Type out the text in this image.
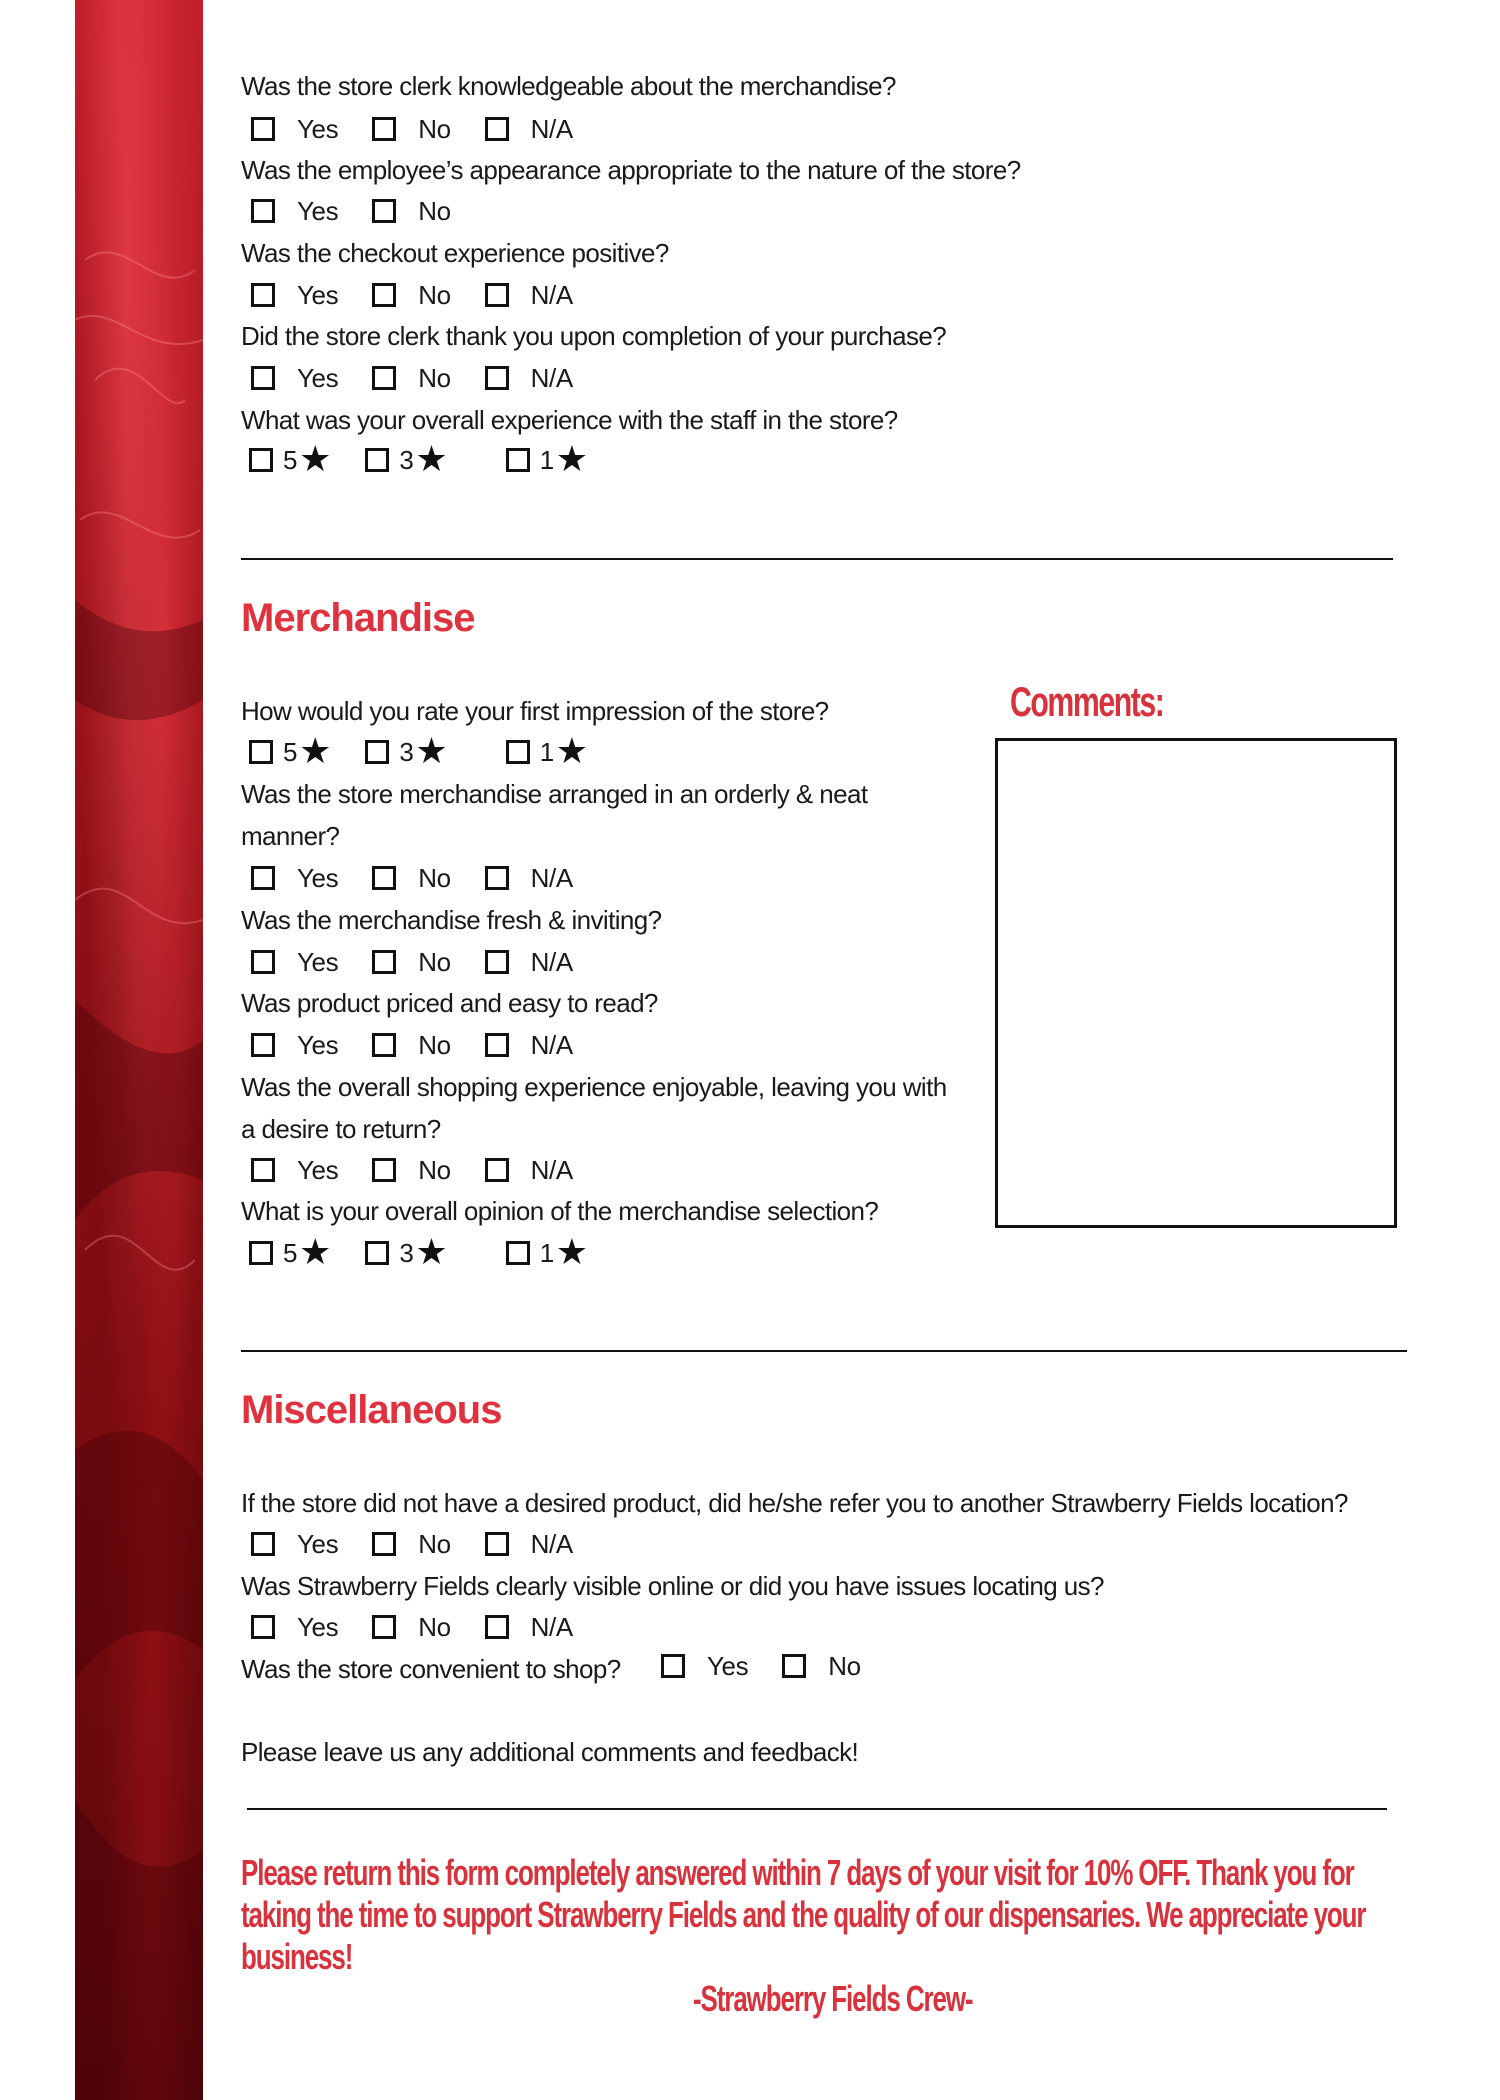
Was the store clerk knowledgeable about the merchandise?

Yes	No	N/A

Was the employee’s appearance appropriate to the nature of the store?

Yes	No

Was the checkout experience positive?

Yes	No	N/A

Did the store clerk thank you upon completion of your purchase?

Yes	No	N/A

What was your overall experience with the staff in the store?

5 ★	3 ★	1 ★
Merchandise

How would you rate your first impression of the store?

5 ★	3 ★	1 ★

Was the store merchandise arranged in an orderly & neat

manner?

Yes	No	N/A

Was the merchandise fresh & inviting?

Yes	No	N/A

Was product priced and easy to read?

Yes	No	N/A

Was the overall shopping experience enjoyable, leaving you with

a desire to return?

Yes	No	N/A

What is your overall opinion of the merchandise selection?

5 ★	3 ★	1 ★

Comments:

Miscellaneous

If the store did not have a desired product, did he/she refer you to another Strawberry Fields location?

Yes	No	N/A

Was Strawberry Fields clearly visible online or did you have issues locating us?

Yes	No	N/A

Was the store convenient to shop?	Yes	No

Please leave us any additional comments and feedback!

Please return this form completely answered within 7 days of your visit for 10% OFF. Thank you for taking the time to support Strawberry Fields and the quality of our dispensaries. We appreciate your business!

-Strawberry Fields Crew-
